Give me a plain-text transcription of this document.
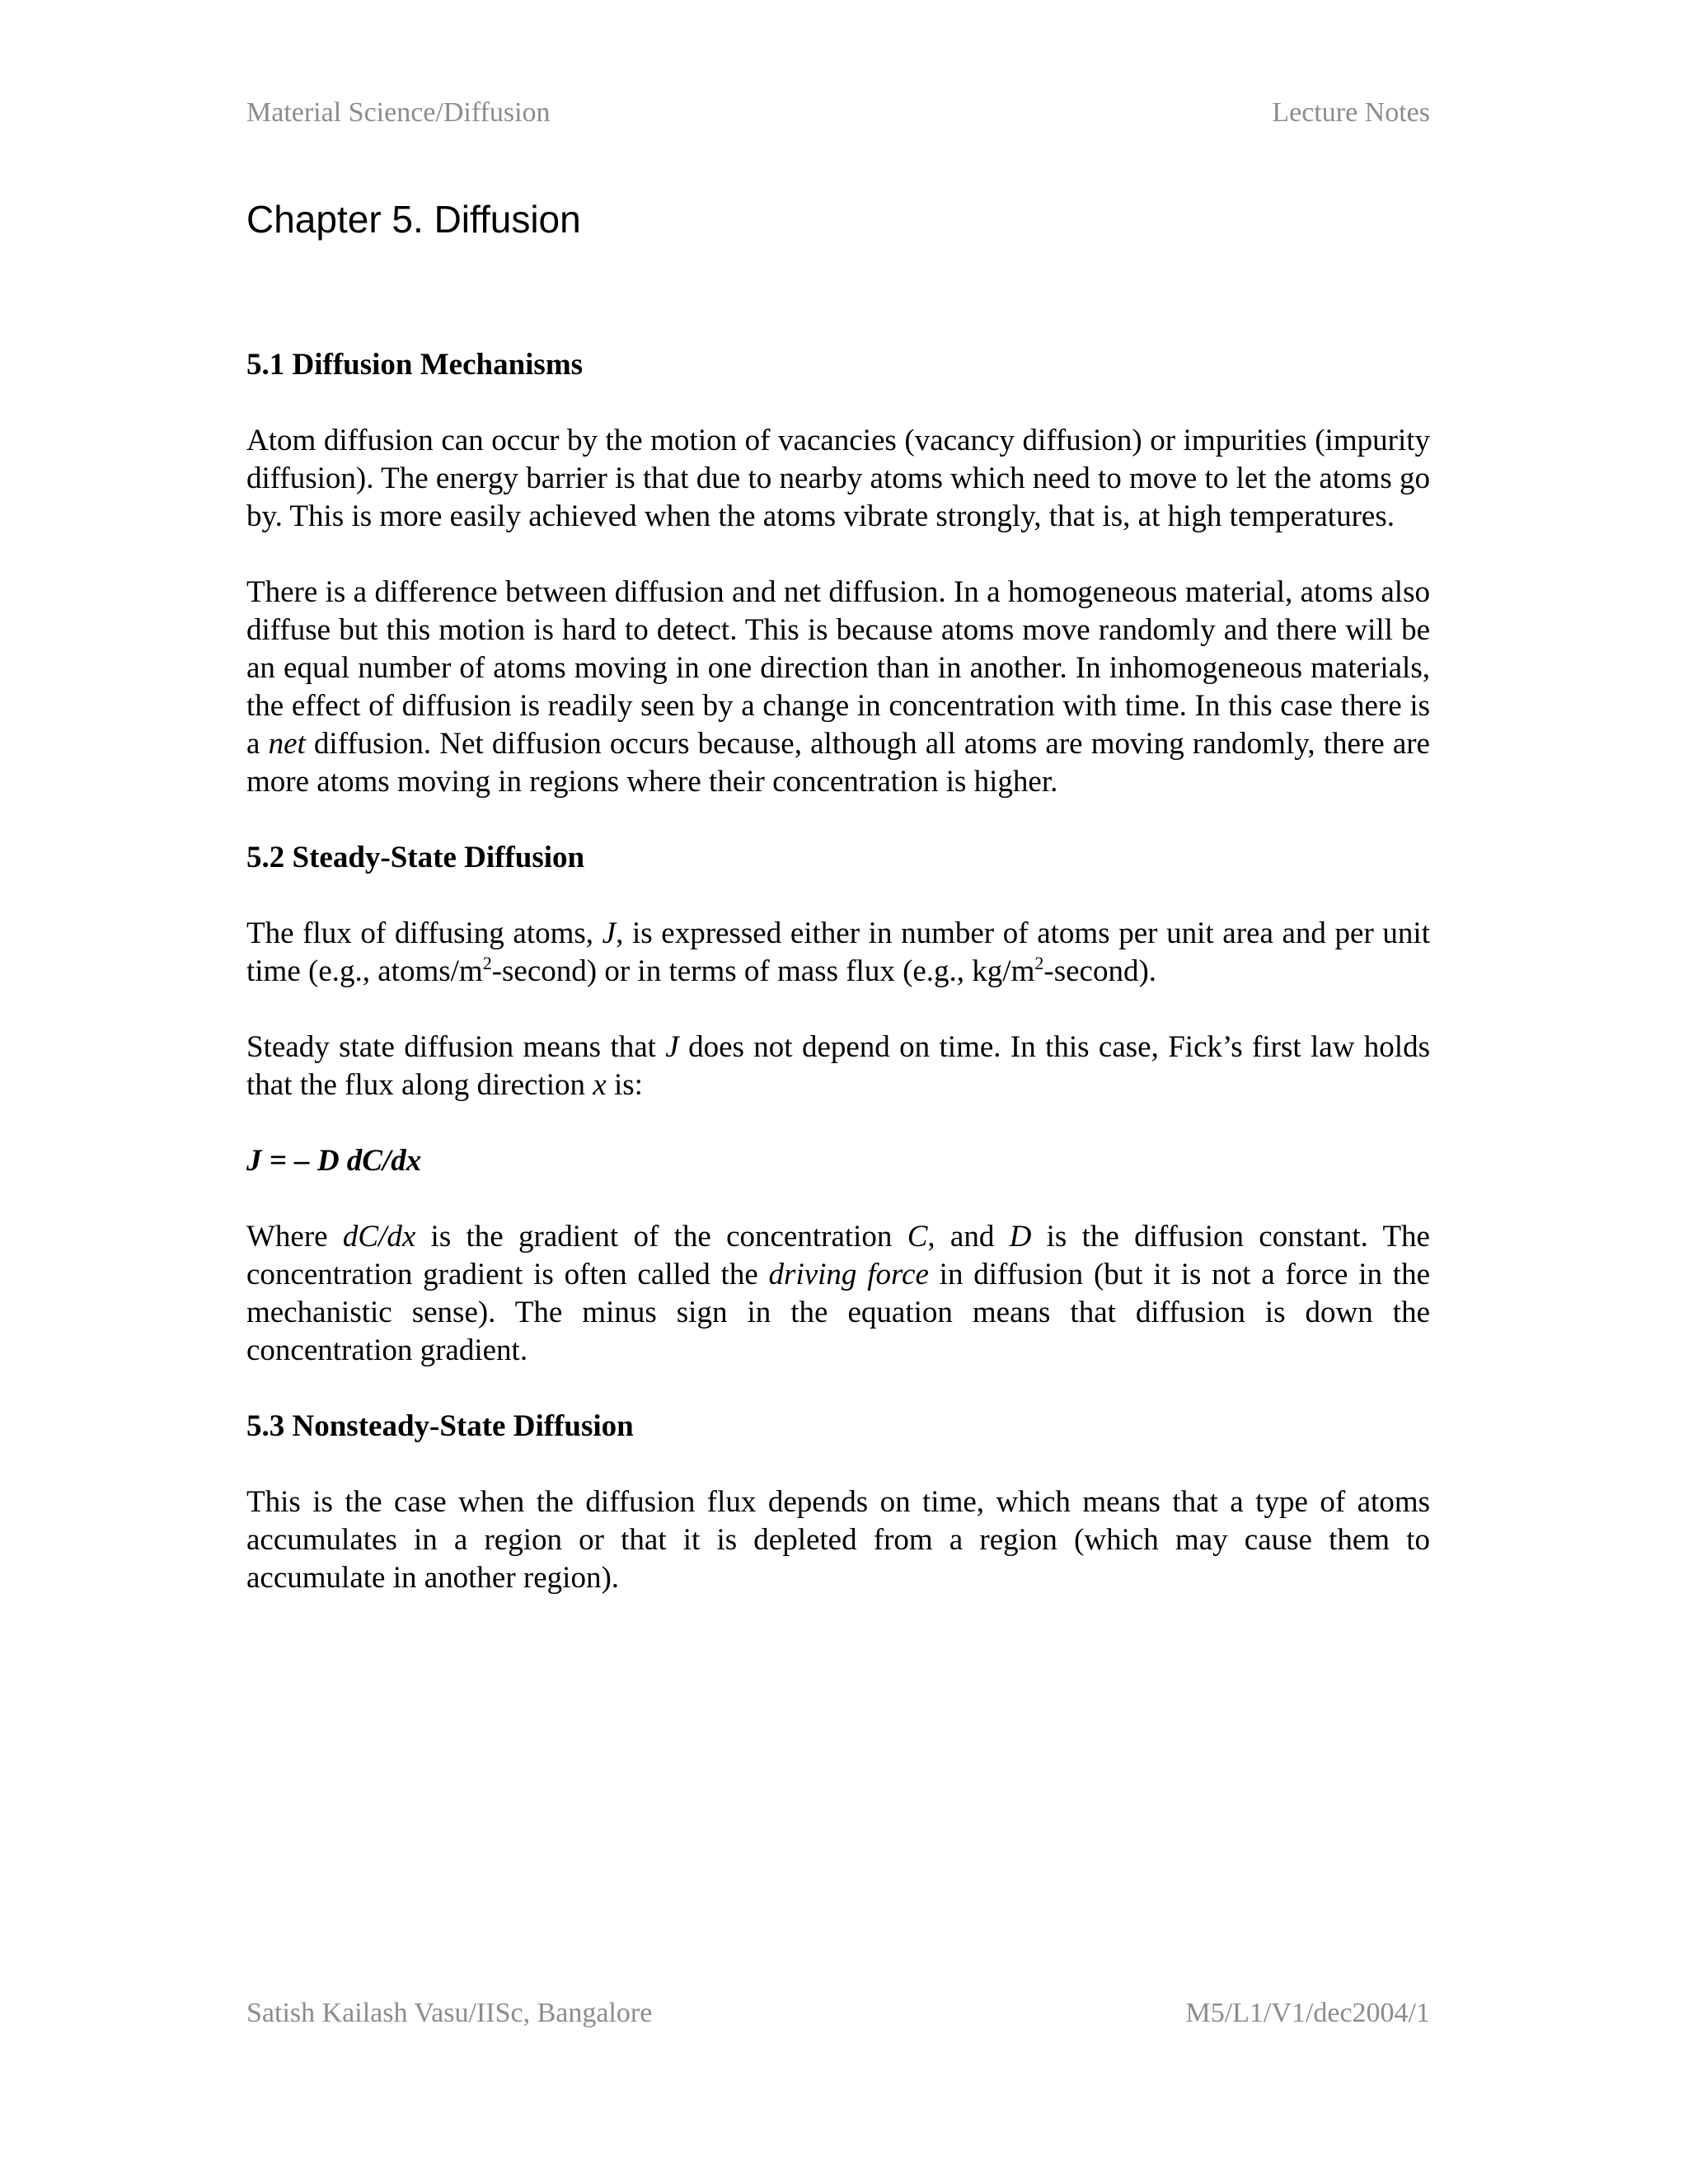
Material Science/Diffusion	Lecture Notes
Chapter 5. Diffusion
5.1 Diffusion Mechanisms

Atom diffusion can occur by the motion of vacancies (vacancy diffusion) or impurities (impurity diffusion). The energy barrier is that due to nearby atoms which need to move to let the atoms go by. This is more easily achieved when the atoms vibrate strongly, that is, at high temperatures.

There is a difference between diffusion and net diffusion. In a homogeneous material, atoms also diffuse but this motion is hard to detect. This is because atoms move randomly and there will be an equal number of atoms moving in one direction than in another. In inhomogeneous materials, the effect of diffusion is readily seen by a change in concentration with time. In this case there is a net diffusion. Net diffusion occurs because, although all atoms are moving randomly, there are more atoms moving in regions where their concentration is higher.

5.2 Steady-State Diffusion

The flux of diffusing atoms, J, is expressed either in number of atoms per unit area and per unit time (e.g., atoms/$m^2-second$) or in terms of mass flux (e.g., $kg/m^2-second$).

Steady state diffusion means that J does not depend on time. In this case, Fick’s first law holds that the flux along direction x is:

J = – D dC/dx

Where dC/dx is the gradient of the concentration C, and D is the diffusion constant. The concentration gradient is often called the driving force in diffusion (but it is not a force in the mechanistic sense). The minus sign in the equation means that diffusion is down the concentration gradient.

5.3 Nonsteady-State Diffusion

This is the case when the diffusion flux depends on time, which means that a type of atoms accumulates in a region or that it is depleted from a region (which may cause them to accumulate in another region).

Satish Kailash Vasu/IISc, Bangalore	M5/L1/V1/dec2004/1
